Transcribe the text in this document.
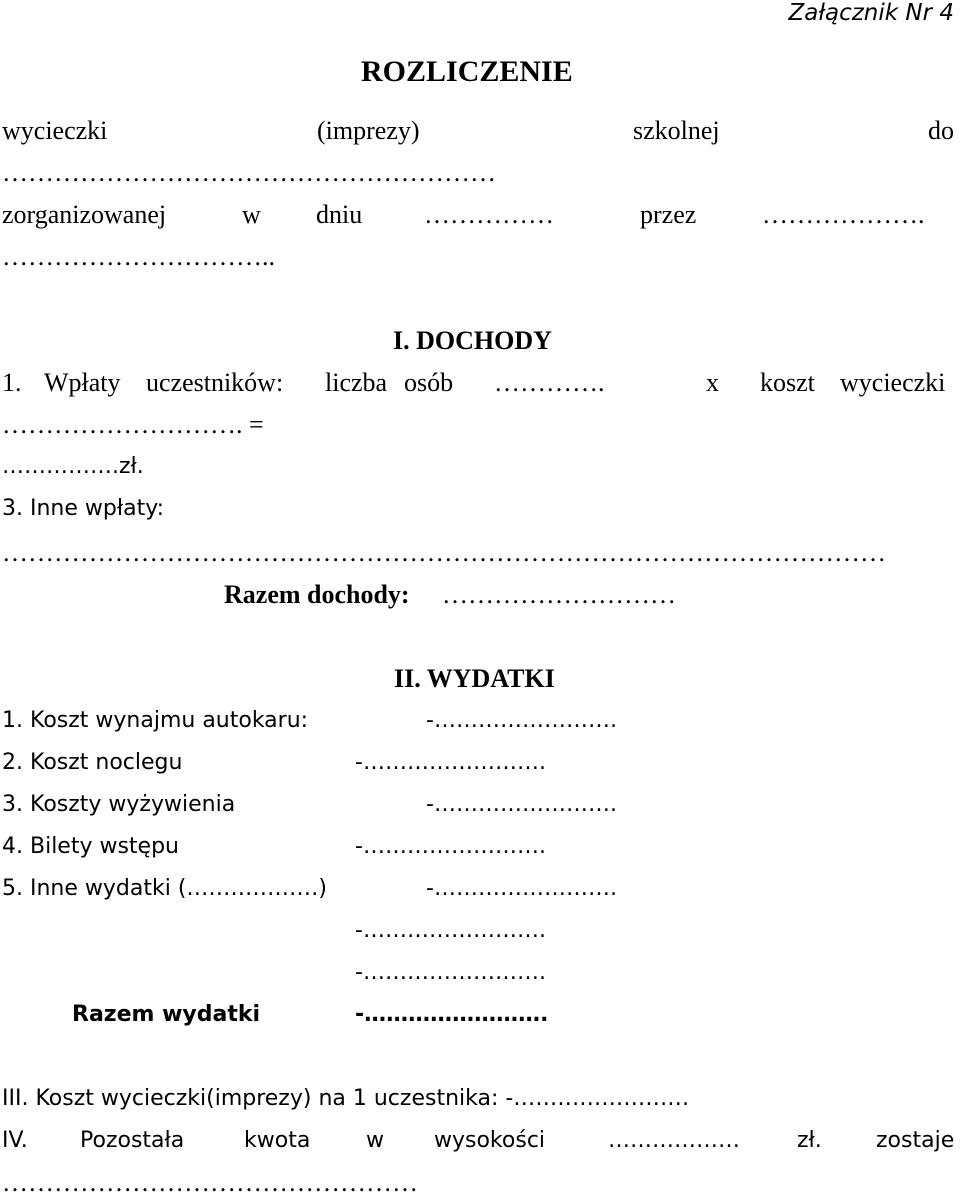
Załącznik Nr 4
ROZLICZENIE
wycieczki	(imprezy)	szkolnej	do
…………………………………………………
zorganizowanej	w dniu ……………	przez	……………….
…………………………..
I. DOCHODY
1. Wpłaty uczestników: liczba osób ………….	x koszt wycieczki
………………………. =
…………….zł.
3. Inne wpłaty:
…………………………………………………………………………………………
Razem dochody: ………………………
II. WYDATKI
1. Koszt wynajmu autokaru:	-…………………….
2. Koszt noclegu	-…………………….
3. Koszty wyżywienia	-…………………….
4. Bilety wstępu	-…………………….
5. Inne wydatki (………………)	-…………………….
-…………………….
-…………………….
Razem wydatki	-…………………….
III. Koszt wycieczki(imprezy) na 1 uczestnika: -……………………
IV. Pozostała	kwota	w wysokości	………………	zł. zostaje
…………………………………………
